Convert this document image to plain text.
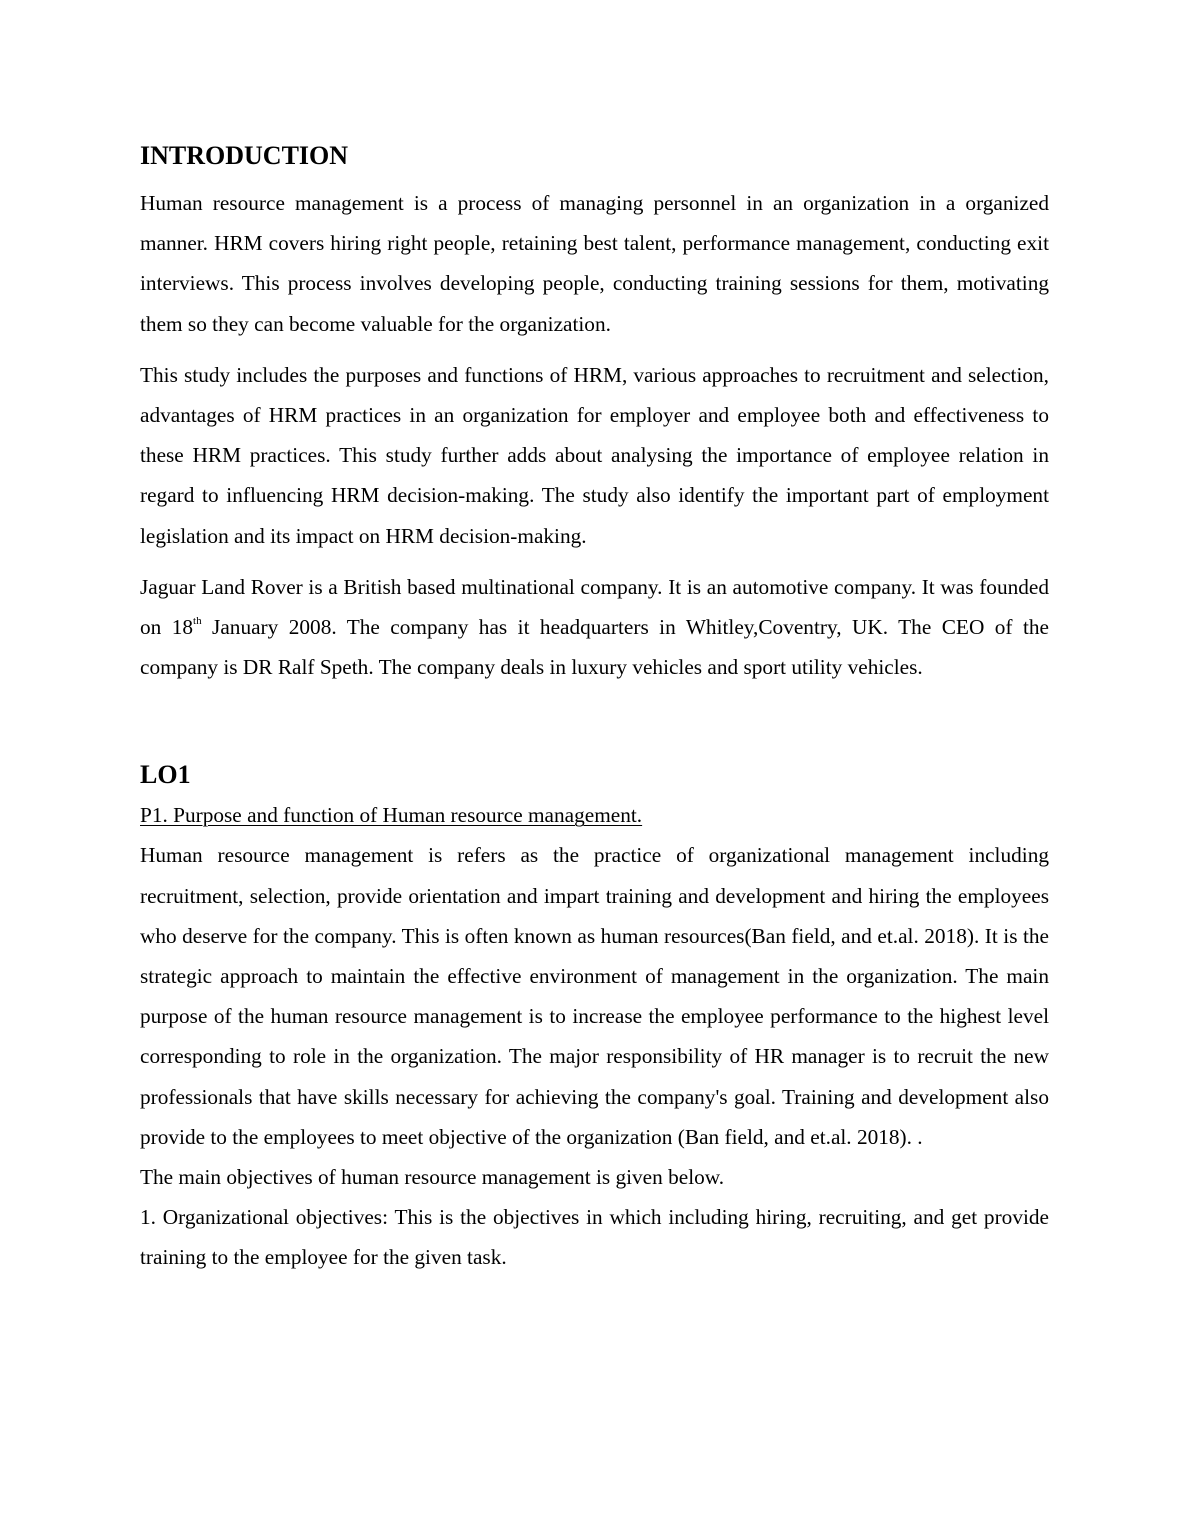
INTRODUCTION

Human resource management is a process of managing personnel in an organization in a organized manner. HRM covers hiring right people, retaining best talent, performance management, conducting exit interviews. This process involves developing people, conducting training sessions for them, motivating them so they can become valuable for the organization.

This study includes the purposes and functions of HRM, various approaches to recruitment and selection, advantages of HRM practices in an organization for employer and employee both and effectiveness to these HRM practices. This study further adds about analysing the importance of employee relation in regard to influencing HRM decision-making. The study also identify the important part of employment legislation and its impact on HRM decision-making.

Jaguar Land Rover is a British based multinational company. It is an automotive company. It was founded on 18th January 2008. The company has it headquarters in Whitley,Coventry, UK. The CEO of the company is DR Ralf Speth. The company deals in luxury vehicles and sport utility vehicles.

LO1
P1. Purpose and function of Human resource management.

Human resource management is refers as the practice of organizational management including recruitment, selection, provide orientation and impart training and development and hiring the employees who deserve for the company. This is often known as human resources(Ban field, and et.al. 2018). It is the strategic approach to maintain the effective environment of management in the organization. The main purpose of the human resource management is to increase the employee performance to the highest level corresponding to role in the organization. The major responsibility of HR manager is to recruit the new professionals that have skills necessary for achieving the company's goal. Training and development also provide to the employees to meet objective of the organization (Ban field, and et.al. 2018). .

The main objectives of human resource management is given below.

1. Organizational objectives: This is the objectives in which including hiring, recruiting, and get provide training to the employee for the given task.
